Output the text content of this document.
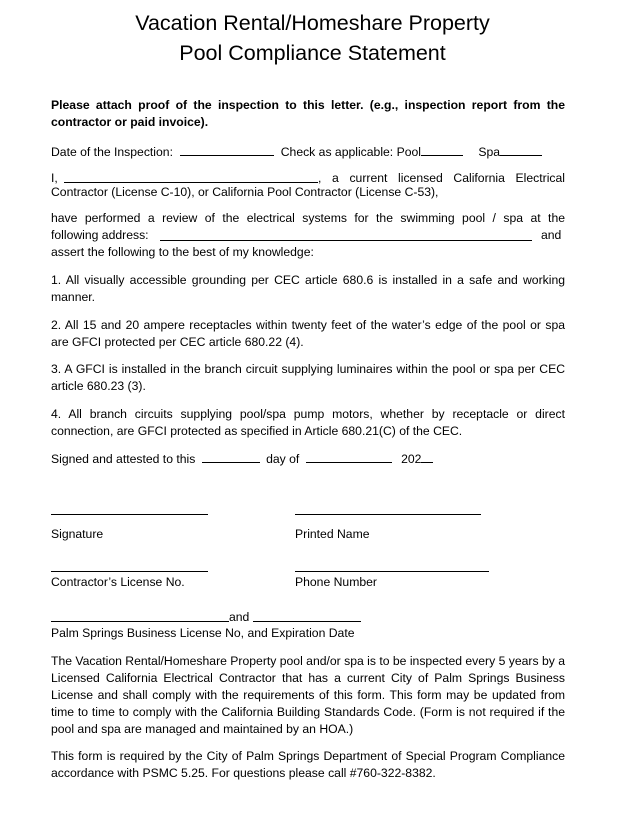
Vacation Rental/Homeshare Property
Pool Compliance Statement
Please attach proof of the inspection to this letter. (e.g., inspection report from the contractor or paid invoice).
Date of the Inspection:	Check as applicable: Pool	Spa
I,	, a current licensed California Electrical
Contractor (License C-10), or California Pool Contractor (License C-53),
have performed a review of the electrical systems for the swimming pool / spa at the
following address:	and
assert the following to the best of my knowledge:
1. All visually accessible grounding per CEC article 680.6 is installed in a safe and working manner.
2. All 15 and 20 ampere receptacles within twenty feet of the water’s edge of the pool or spa are GFCI protected per CEC article 680.22 (4).
3. A GFCI is installed in the branch circuit supplying luminaires within the pool or spa per CEC article 680.23 (3).
4. All branch circuits supplying pool/spa pump motors, whether by receptacle or direct connection, are GFCI protected as specified in Article 680.21(C) of the CEC.
Signed and attested to this	day of	202
Signature	Printed Name
Contractor’s License No.	Phone Number
and
Palm Springs Business License No, and Expiration Date
The Vacation Rental/Homeshare Property pool and/or spa is to be inspected every 5 years by a Licensed California Electrical Contractor that has a current City of Palm Springs Business License and shall comply with the requirements of this form. This form may be updated from time to time to comply with the California Building Standards Code. (Form is not required if the pool and spa are managed and maintained by an HOA.)
This form is required by the City of Palm Springs Department of Special Program Compliance accordance with PSMC 5.25. For questions please call #760-322-8382.
